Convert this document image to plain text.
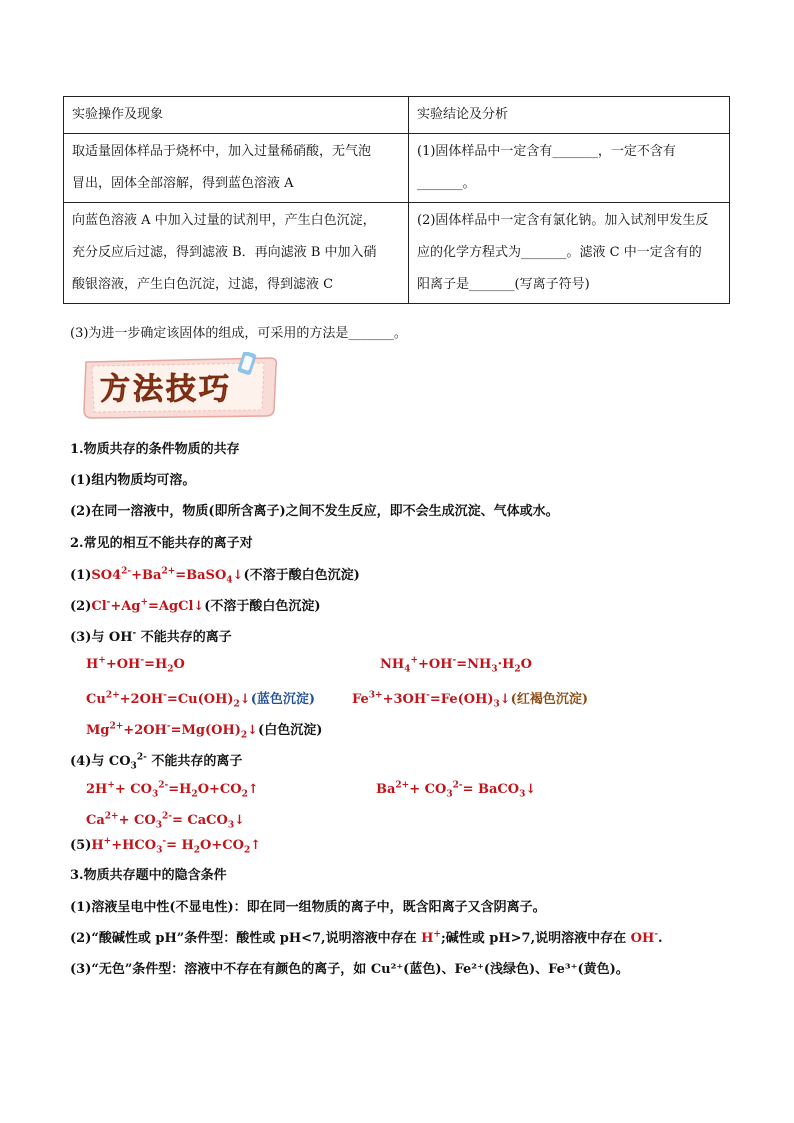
实验操作及现象	实验结论及分析

取适量固体样品于烧杯中，加入过量稀硝酸，无气泡
冒出，固体全部溶解，得到蓝色溶液 A	(1)固体样品中一定含有_______，一定不含有
_______。

向蓝色溶液 A 中加入过量的试剂甲，产生白色沉淀，
充分反应后过滤，得到滤液 B．再向滤液 B 中加入硝
酸银溶液，产生白色沉淀，过滤，得到滤液 C	(2)固体样品中一定含有氯化钠。加入试剂甲发生反
应的化学方程式为_______。滤液 C 中一定含有的
阳离子是_______(写离子符号)
(3)为进一步确定该固体的组成，可采用的方法是_______。
方法技巧
1.物质共存的条件物质的共存
(1)组内物质均可溶。
(2)在同一溶液中，物质(即所含离子)之间不发生反应，即不会生成沉淀、气体或水。
2.常见的相互不能共存的离子对
$(1)SO4^{2-}+Ba^{2+}=BaSO_4↓$(不溶于酸白色沉淀)
(2)Cl-+Ag+=AgCl↓(不溶于酸白色沉淀)
(3)与 OH- 不能共存的离子
$H^++OH^-=H_2O$	$NH_4^++OH^-=NH_3\cdot H_2O$
$Cu^{2+}+2OH^-=Cu(OH)_2↓$(蓝色沉淀)	$Fe^{3+}+3OH^-=Fe(OH)_3↓$(红褐色沉淀)
$Mg^{2+}+2OH^-=Mg(OH)_2↓$(白色沉淀)
(4)与 $CO_3^{2-}$ 不能共存的离子
$2H^++ CO_3^{2-}=H_2O+CO_2↑$	$Ba^{2+}+ CO_3^{2-}=$ BaCO$_3$↓
$Ca^{2+}+ CO_3^{2-}=$ CaCO$_3$↓
$(5)H^++HCO_3^-=$ $H_2O+CO_2↑$
3.物质共存题中的隐含条件
(1)溶液呈电中性(不显电性)：即在同一组物质的离子中，既含阳离子又含阴离子。
(2)“酸碱性或 pH”条件型：酸性或 pH<7,说明溶液中存在 H+;碱性或 pH>7,说明溶液中存在 OH-.
(3)“无色”条件型：溶液中不存在有颜色的离子，如 Cu²⁺(蓝色)、Fe²⁺(浅绿色)、Fe³⁺(黄色)。
